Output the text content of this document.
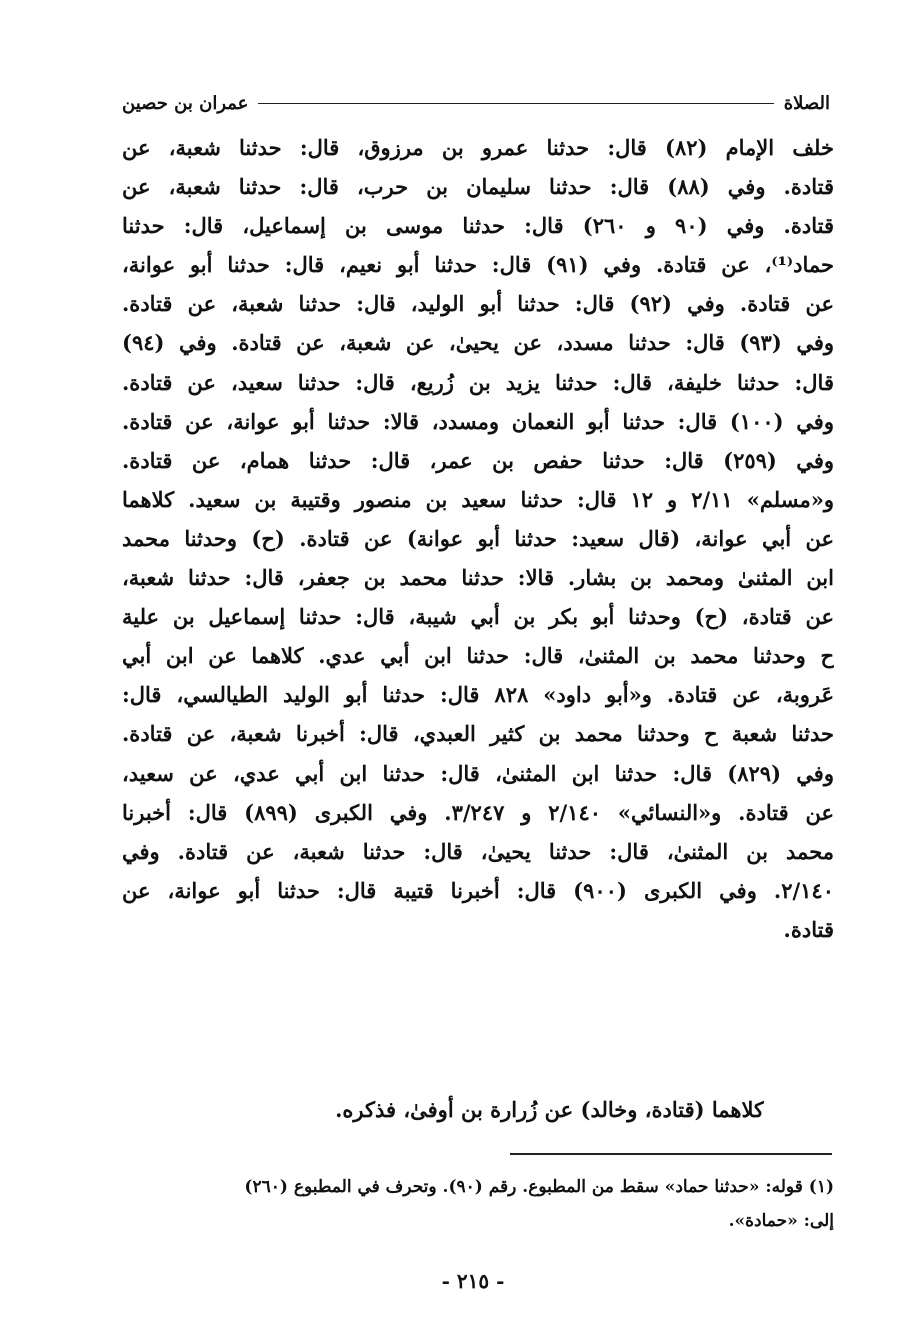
الصلاة
عمران بن حصين
خلف الإمام (٨٢) قال: حدثنا عمرو بن مرزوق، قال: حدثنا شعبة، عن
قتادة. وفي (٨٨) قال: حدثنا سليمان بن حرب، قال: حدثنا شعبة، عن
قتادة. وفي (٩٠ و ٢٦٠) قال: حدثنا موسى بن إسماعيل، قال: حدثنا
حماد⁽¹⁾، عن قتادة. وفي (٩١) قال: حدثنا أبو نعيم، قال: حدثنا أبو عوانة،
عن قتادة. وفي (٩٢) قال: حدثنا أبو الوليد، قال: حدثنا شعبة، عن قتادة.
وفي (٩٣) قال: حدثنا مسدد، عن يحيىٰ، عن شعبة، عن قتادة. وفي (٩٤)
قال: حدثنا خليفة، قال: حدثنا يزيد بن زُريع، قال: حدثنا سعيد، عن قتادة.
وفي (١٠٠) قال: حدثنا أبو النعمان ومسدد، قالا: حدثنا أبو عوانة، عن قتادة.
وفي (٢٥٩) قال: حدثنا حفص بن عمر، قال: حدثنا همام، عن قتادة.
و«مسلم» ٢/١١ و ١٢ قال: حدثنا سعيد بن منصور وقتيبة بن سعيد. كلاهما
عن أبي عوانة، (قال سعيد: حدثنا أبو عوانة) عن قتادة. (ح) وحدثنا محمد
ابن المثنىٰ ومحمد بن بشار. قالا: حدثنا محمد بن جعفر، قال: حدثنا شعبة،
عن قتادة، (ح) وحدثنا أبو بكر بن أبي شيبة، قال: حدثنا إسماعيل بن علية
ح وحدثنا محمد بن المثنىٰ، قال: حدثنا ابن أبي عدي. كلاهما عن ابن أبي
عَروبة، عن قتادة. و«أبو داود» ٨٢٨ قال: حدثنا أبو الوليد الطيالسي، قال:
حدثنا شعبة ح وحدثنا محمد بن كثير العبدي، قال: أخبرنا شعبة، عن قتادة.
وفي (٨٢٩) قال: حدثنا ابن المثنىٰ، قال: حدثنا ابن أبي عدي، عن سعيد،
عن قتادة. و«النسائي» ٢/١٤٠ و ٣/٢٤٧. وفي الكبرى (٨٩٩) قال: أخبرنا
محمد بن المثنىٰ، قال: حدثنا يحيىٰ، قال: حدثنا شعبة، عن قتادة. وفي
٢/١٤٠. وفي الكبرى (٩٠٠) قال: أخبرنا قتيبة قال: حدثنا أبو عوانة، عن
قتادة.
كلاهما (قتادة، وخالد) عن زُرارة بن أوفىٰ، فذكره.
(١) قوله: «حدثنا حماد» سقط من المطبوع. رقم (٩٠). وتحرف في المطبوع (٢٦٠)
إلى: «حمادة».
- ٢١٥ -
